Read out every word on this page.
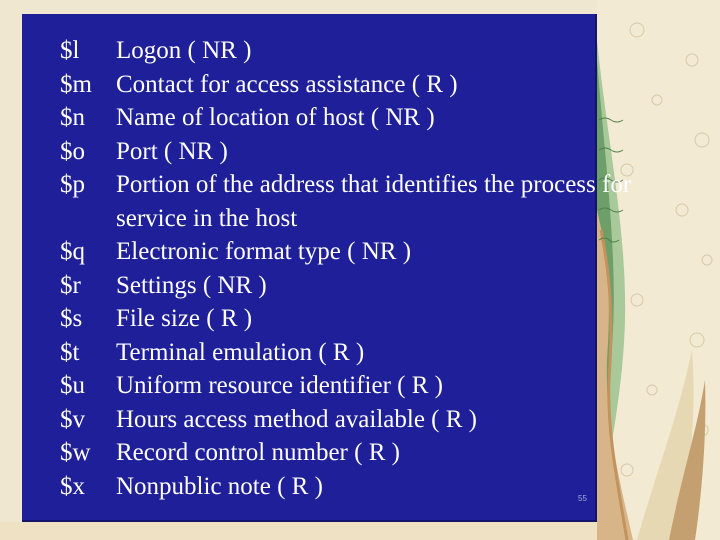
$l	Logon ( NR )
$m Contact for access assistance ( R )
$n	Name of location of host ( NR )
$o	Port ( NR )
$p	Portion of the address that identifies the process for
service in the host
$q	Electronic format type ( NR )
$r	Settings ( NR )
$s	File size ( R )
$t	Terminal emulation ( R )
$u	Uniform resource identifier ( R )
$v	Hours access method available ( R )
$w	Record control number ( R )
$x	Nonpublic note ( R )	55
